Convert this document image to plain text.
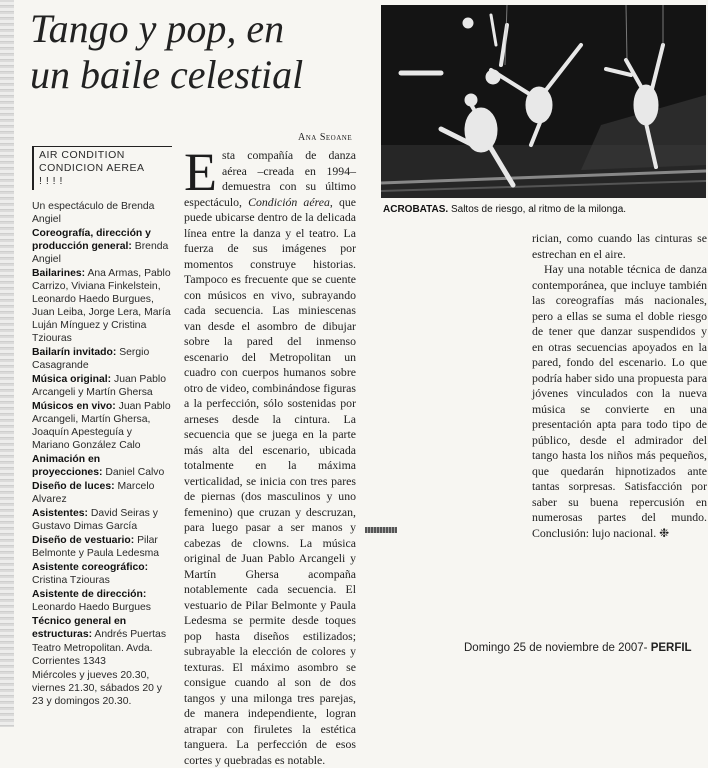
Tango y pop, en
un baile celestial
Ana Seoane
AIR CONDITION
CONDICION AEREA
! ! ! !

Un espectáculo de Brenda Angiel

Coreografía, dirección y producción general: Brenda Angiel

Bailarines: Ana Armas, Pablo Carrizo, Viviana Finkelstein, Leonardo Haedo Burgues, Juan Leiba, Jorge Lera, María Luján Mínguez y Cristina Tziouras

Bailarín invitado: Sergio Casagrande

Música original: Juan Pablo Arcangeli y Martín Ghersa

Músicos en vivo: Juan Pablo Arcangeli, Martín Ghersa, Joaquín Apesteguía y Mariano González Calo

Animación en proyecciones: Daniel Calvo

Diseño de luces: Marcelo Alvarez

Asistentes: David Seiras y Gustavo Dimas García

Diseño de vestuario: Pilar Belmonte y Paula Ledesma

Asistente coreográfico: Cristina Tziouras

Asistente de dirección: Leonardo Haedo Burgues

Técnico general en estructuras: Andrés Puertas

Teatro Metropolitan. Avda. Corrientes 1343

Miércoles y jueves 20.30, viernes 21.30, sábados 20 y 23 y domingos 20.30.

Esta compañía de danza aérea –creada en 1994– demuestra con su último espectáculo, Condición aérea, que puede ubicarse dentro de la delicada línea entre la danza y el teatro. La fuerza de sus imágenes por momentos construye historias. Tampoco es frecuente que se cuente con músicos en vivo, subrayando cada secuencia. Las miniescenas van desde el asombro de dibujar sobre la pared del inmenso escenario del Metropolitan un cuadro con cuerpos humanos sobre otro de video, combinándose figuras a la perfección, sólo sostenidas por arneses desde la cintura. La secuencia que se juega en la parte más alta del escenario, ubicada totalmente en la máxima verticalidad, se inicia con tres pares de piernas (dos masculinos y uno femenino) que cruzan y descruzan, para luego pasar a ser manos y cabezas de clowns. La música original de Juan Pablo Arcangeli y Martín Ghersa acompaña notablemente cada secuencia. El vestuario de Pilar Belmonte y Paula Ledesma se permite desde toques pop hasta diseños estilizados; subrayable la elección de colores y texturas. El máximo asombro se consigue cuando al son de dos tangos y una milonga tres parejas, de manera independiente, logran atrapar con firuletes la estética tanguera. La perfección de esos cortes y quebradas es notable.

ACROBATAS. Saltos de riesgo, al ritmo de la milonga.

rician, como cuando las cinturas se estrechan en el aire.

Hay una notable técnica de danza contemporánea, que incluye también las coreografías más nacionales, pero a ellas se suma el doble riesgo de tener que danzar suspendidos y en otras secuencias apoyados en la pared, fondo del escenario. Lo que podría haber sido una propuesta para jóvenes vinculados con la nueva música se convierte en una presentación apta para todo tipo de público, desde el admirador del tango hasta los niños más pequeños, que quedarán hipnotizados ante tantas sorpresas. Satisfacción por saber su buena repercusión en numerosas partes del mundo. Conclusión: lujo nacional. ❉

Domingo 25 de noviembre de 2007- PERFIL
